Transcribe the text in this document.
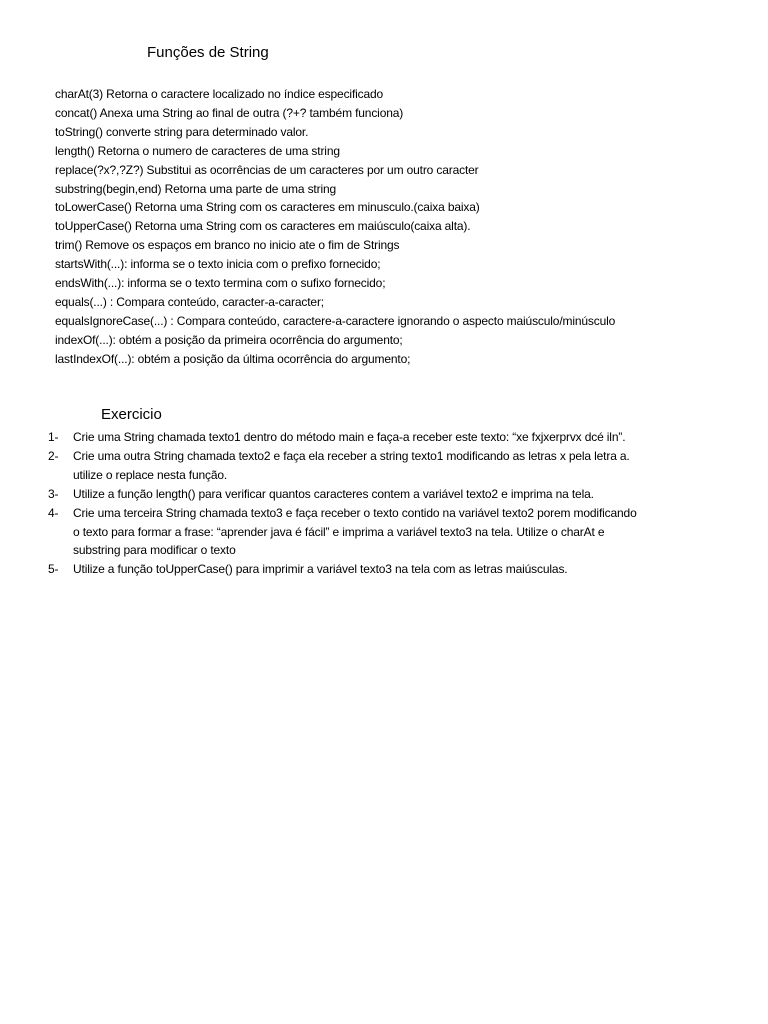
Funções de String
charAt(3) Retorna o caractere localizado no índice especificado
concat() Anexa uma String ao final de outra (?+? também funciona)
toString() converte string para determinado valor.
length() Retorna o numero de caracteres de uma string
replace(?x?,?Z?) Substitui as ocorrências de um caracteres por um outro caracter
substring(begin,end) Retorna uma parte de uma string
toLowerCase() Retorna uma String com os caracteres em minusculo.(caixa baixa)
toUpperCase() Retorna uma String com os caracteres em maiúsculo(caixa alta).
trim() Remove os espaços em branco no inicio ate o fim de Strings
startsWith(...): informa se o texto inicia com o prefixo fornecido;
endsWith(...): informa se o texto termina com o sufixo fornecido;
equals(...) : Compara conteúdo, caracter-a-caracter;
equalsIgnoreCase(...) : Compara conteúdo, caractere-a-caractere ignorando o aspecto maiúsculo/minúsculo
indexOf(...): obtém a posição da primeira ocorrência do argumento;
lastIndexOf(...): obtém a posição da última ocorrência do argumento;
Exercicio
1-	Crie uma String chamada texto1 dentro do método main e faça-a receber este texto: “xe fxjxerprvx dcé iln”.
2-	Crie uma outra String chamada texto2 e faça ela receber a string texto1 modificando as letras x pela letra a.
utilize o replace nesta função.
3-	Utilize a função length() para verificar quantos caracteres contem a variável texto2 e imprima na tela.
4-	Crie uma terceira String chamada texto3 e faça receber o texto contido na variável texto2 porem modificando
o texto para formar a frase: “aprender java é fácil” e imprima a variável texto3 na tela. Utilize o charAt e
substring para modificar o texto
5-	Utilize a função toUpperCase() para imprimir a variável texto3 na tela com as letras maiúsculas.
